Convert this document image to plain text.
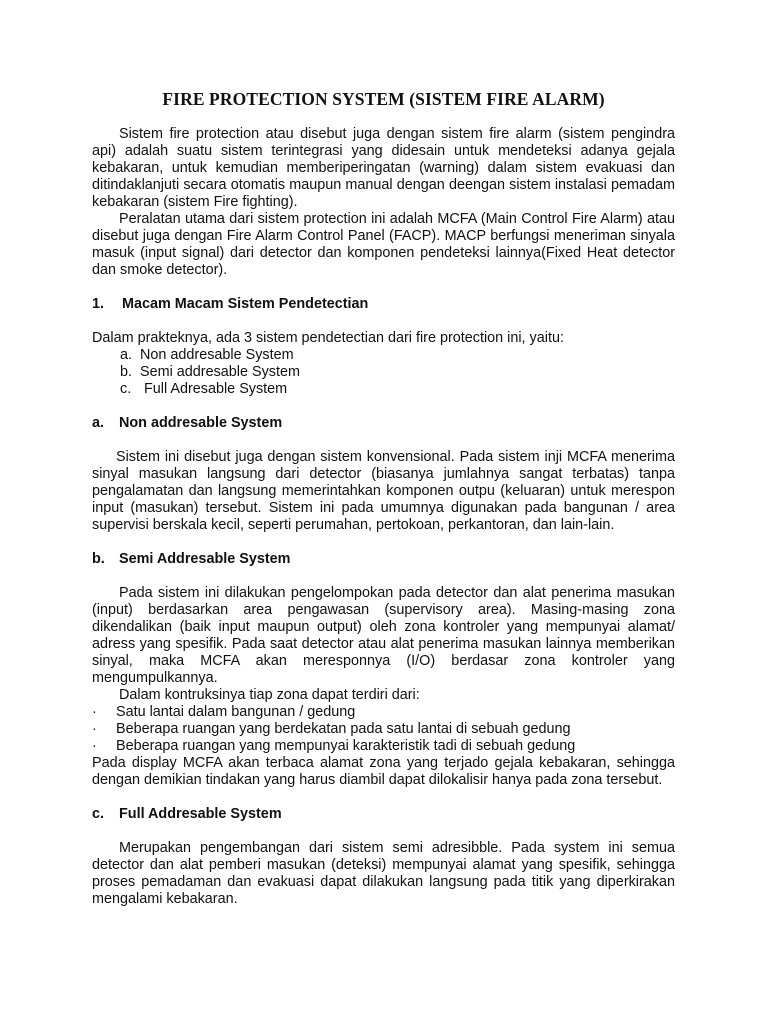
FIRE PROTECTION SYSTEM (SISTEM FIRE ALARM)

Sistem fire protection atau disebut juga dengan sistem fire alarm (sistem pengindra api) adalah suatu sistem terintegrasi yang didesain untuk mendeteksi adanya gejala kebakaran, untuk kemudian memberiperingatan (warning) dalam sistem evakuasi dan ditindaklanjuti secara otomatis maupun manual dengan deengan sistem instalasi pemadam kebakaran (sistem Fire fighting).

Peralatan utama dari sistem protection ini adalah MCFA (Main Control Fire Alarm) atau disebut juga dengan Fire Alarm Control Panel (FACP). MACP berfungsi meneriman sinyala masuk (input signal) dari detector dan komponen pendeteksi lainnya(Fixed Heat detector dan smoke detector).

1. Macam Macam Sistem Pendetectian

Dalam prakteknya, ada 3 sistem pendetectian dari fire protection ini, yaitu:

a. Non addresable System
b. Semi addresable System
c. Full Adresable System
a. Non addresable System

Sistem ini disebut juga dengan sistem konvensional. Pada sistem inji MCFA menerima sinyal masukan langsung dari detector (biasanya jumlahnya sangat terbatas) tanpa pengalamatan dan langsung memerintahkan komponen outpu (keluaran) untuk merespon input (masukan) tersebut. Sistem ini pada umumnya digunakan pada bangunan / area supervisi berskala kecil, seperti perumahan, pertokoan, perkantoran, dan lain-lain.

b. Semi Addresable System

Pada sistem ini dilakukan pengelompokan pada detector dan alat penerima masukan (input) berdasarkan area pengawasan (supervisory area). Masing-masing zona dikendalikan (baik input maupun output) oleh zona kontroler yang mempunyai alamat/ adress yang spesifik. Pada saat detector atau alat penerima masukan lainnya memberikan sinyal, maka MCFA akan meresponnya (I/O) berdasar zona kontroler yang mengumpulkannya.

Dalam kontruksinya tiap zona dapat terdiri dari:

· Satu lantai dalam bangunan / gedung
· Beberapa ruangan yang berdekatan pada satu lantai di sebuah gedung
· Beberapa ruangan yang mempunyai karakteristik tadi di sebuah gedung

Pada display MCFA akan terbaca alamat zona yang terjado gejala kebakaran, sehingga dengan demikian tindakan yang harus diambil dapat dilokalisir hanya pada zona tersebut.

c. Full Addresable System

Merupakan pengembangan dari sistem semi adresibble. Pada system ini semua detector dan alat pemberi masukan (deteksi) mempunyai alamat yang spesifik, sehingga proses pemadaman dan evakuasi dapat dilakukan langsung pada titik yang diperkirakan mengalami kebakaran.
